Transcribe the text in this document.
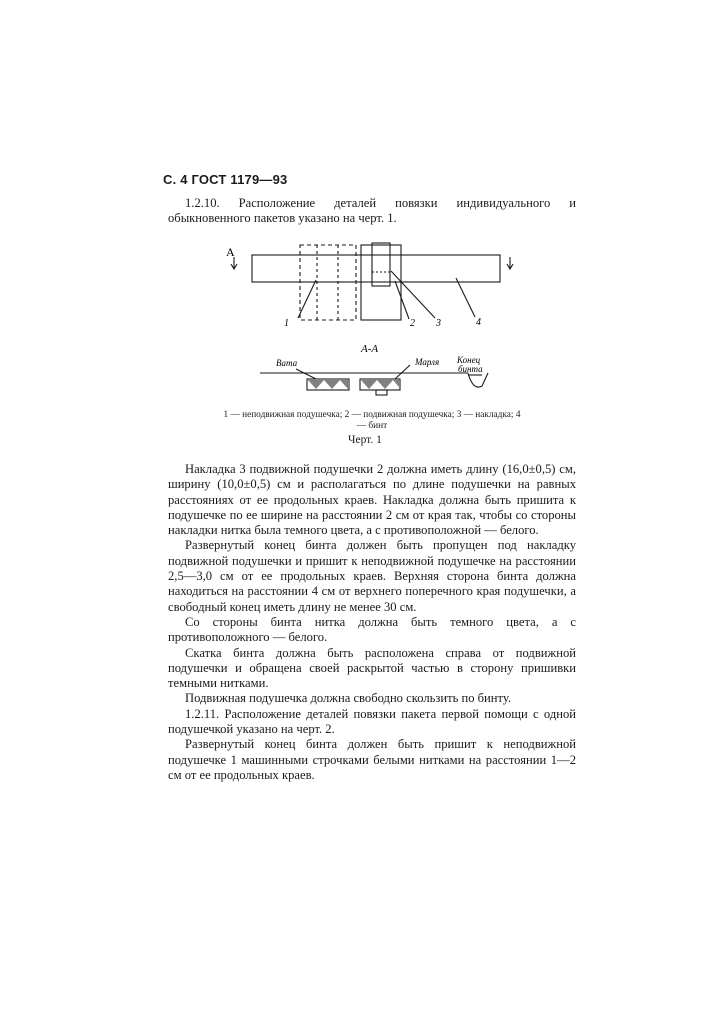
С. 4 ГОСТ 1179—93

1.2.10. Расположение деталей повязки индивидуального и обыкновенного пакетов указано на черт. 1.

А
А-А
Вата	Марля Конец
бинта
1	2 3	4
1 — неподвижная подушечка; 2 — подвижная подушечка; 3 — накладка; 4 — бинт
Черт. 1

Накладка 3 подвижной подушечки 2 должна иметь длину (16,0±0,5) см, ширину (10,0±0,5) см и располагаться по длине подушечки на равных расстояниях от ее продольных краев. Накладка должна быть пришита к подушечке по ее ширине на расстоянии 2 см от края так, чтобы со стороны накладки нитка была темного цвета, а с противоположной — белого.

Развернутый конец бинта должен быть пропущен под накладку подвижной подушечки и пришит к неподвижной подушечке на расстоянии 2,5—3,0 см от ее продольных краев. Верхняя сторона бинта должна находиться на расстоянии 4 см от верхнего поперечного края подушечки, а свободный конец иметь длину не менее 30 см.

Со стороны бинта нитка должна быть темного цвета, а с противоположного — белого.

Скатка бинта должна быть расположена справа от подвижной подушечки и обращена своей раскрытой частью в сторону пришивки темными нитками.

Подвижная подушечка должна свободно скользить по бинту.

1.2.11. Расположение деталей повязки пакета первой помощи с одной подушечкой указано на черт. 2.

Развернутый конец бинта должен быть пришит к неподвижной подушечке 1 машинными строчками белыми нитками на расстоянии 1—2 см от ее продольных краев.
